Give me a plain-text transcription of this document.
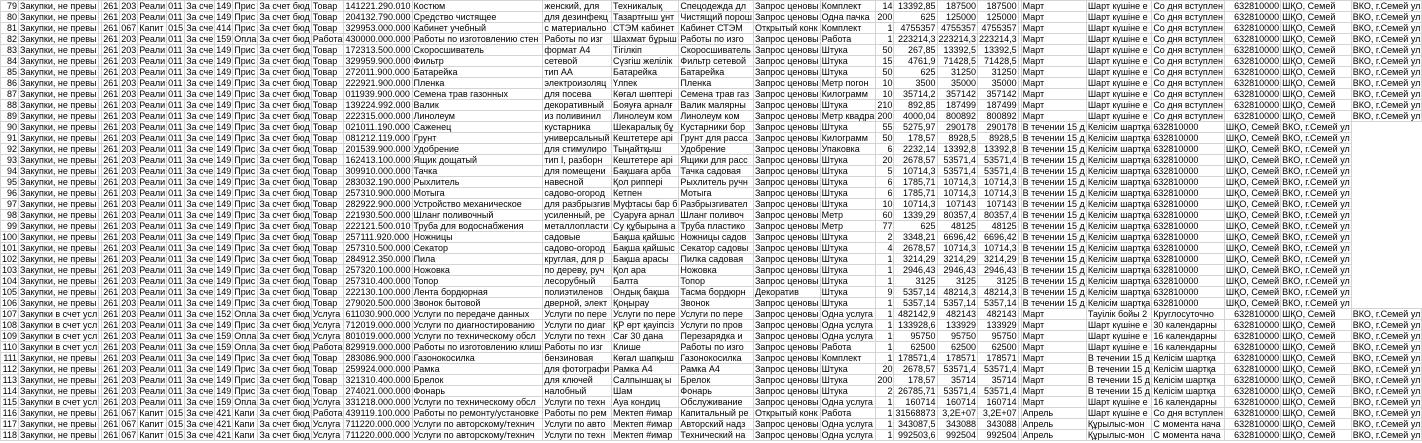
79	Закупки, не превы		261	203	Реали	011	За сче	149	Прис	За счет бюд	Товар	141221.290.010	Костюм	женский, для	Техникалық	Спецодежда дл	Запрос ценовы	Комплект	14	13392,85	187500	187500		Март	Шарт күшіне е	Со дня вступлен	632810000	ШҚО, Семей	ВКО, г.Семей ул
80	Закупки, не превы		261	203	Реали	011	За сче	149	Прис	За счет бюд	Товар	204132.790.000	Средство чистящее	для дезинфекц	Тазартғыш ұнт	Чистящий порош	Запрос ценовы	Одна пачка	200	625	125000	125000		Март	Шарт күшіне е	Со дня вступлен	632810000	ШҚО, Семей	ВКО, г.Семей ул
81	Закупки, не превы		261	067	Капит	015	За сче	414	Прис	За счет бюд	Товар	329953.000.000	Кабинет учебный	с материально	СТЭМ кабинет	Кабинет СТЭМ	Открытый конк	Комплект	1	4755357	4755357	4755357		Март	Шарт күшіне е	Со дня вступлен	632810000	ШҚО, Семей	ВКО, г.Семей ул
82	Закупки, не превы		261	203	Реали	011	За сче	159	Опла	За счет бюд	Работа	430000.000.000	Работы по изготовлению стен	Работы по изг	Шахмат бұрыш	Работы по изго	Запрос ценовы	Работа	1	223214,3	223214,3	223214,3		Март	Шарт күшіне е	Со дня вступлен	632810000	ШҚО, Семей	ВКО, г.Семей ул
83	Закупки, не превы		261	203	Реали	011	За сче	149	Прис	За счет бюд	Товар	172313.500.000	Скоросшиватель	формат А4	Тігілкіп	Скоросшиватель	Запрос ценовы	Штука	50	267,85	13392,5	13392,5		Март	Шарт күшіне е	Со дня вступлен	632810000	ШҚО, Семей	ВКО, г.Семей ул
84	Закупки, не превы		261	203	Реали	011	За сче	149	Прис	За счет бюд	Товар	329959.900.000	Фильтр	сетевой	Сүзгіш желілік	Фильтр сетевой	Запрос ценовы	Штука	15	4761,9	71428,5	71428,5		Март	Шарт күшіне е	Со дня вступлен	632810000	ШҚО, Семей	ВКО, г.Семей ул
85	Закупки, не превы		261	203	Реали	011	За сче	149	Прис	За счет бюд	Товар	272011.900.000	Батарейка	тип АА	Батарейка	Батарейка	Запрос ценовы	Штука	50	625	31250	31250		Март	Шарт күшіне е	Со дня вступлен	632810000	ШҚО, Семей	ВКО, г.Семей ул
86	Закупки, не превы		261	203	Реали	011	За сче	149	Прис	За счет бюд	Товар	222921.900.000	Пленка	электроизоляц	Үлпек	Пленка	Запрос ценовы	Метр погон	10	3500	35000	35000		Март	Шарт күшіне е	Со дня вступлен	632810000	ШҚО, Семей	ВКО, г.Семей ул
87	Закупки, не превы		261	203	Реали	011	За сче	149	Прис	За счет бюд	Товар	011939.900.000	Семена трав газонных	для посева	Көгал шөптері	Семена трав газ	Запрос ценовы	Килограмм	10	35714,2	357142	357142		Март	Шарт күшіне е	Со дня вступлен	632810000	ШҚО, Семей	ВКО, г.Семей ул
88	Закупки, не превы		261	203	Реали	011	За сче	149	Прис	За счет бюд	Товар	139224.992.000	Валик	декоративный	Бояуға арналғ	Валик малярны	Запрос ценовы	Штука	210	892,85	187499	187499		Март	Шарт күшіне е	Со дня вступлен	632810000	ШҚО, Семей	ВКО, г.Семей ул
89	Закупки, не превы		261	203	Реали	011	За сче	149	Прис	За счет бюд	Товар	222315.000.000	Линолеум	из поливинил	Линолеум ком	Линолеум ком	Запрос ценовы	Метр квадра	200	4000,04	800892	800892		Март	Шарт күшіне е	Со дня вступлен	632810000	ШҚО, Семей	ВКО, г.Семей ул
90	Закупки, не превы		261	203	Реали	011	За сче	149	Прис	За счет бюд	Товар	021011.190.000	Саженец	кустарника	Шекаралық бұ	Кустарники бор	Запрос ценовы	Штука	55	5275,97	290178	290178		В течении 15 д	Келісім шартқа	632810000	ШҚО, Семей	ВКО, г.Семей ул	
91	Закупки, не превы		261	203	Реали	011	За сче	149	Прис	За счет бюд	Товар	081212.119.000	Грунт	универсальный	Кештетере арі	Грунт для расса	Запрос ценовы	Килограмм	50	178,57	8928,5	8928,5		В течении 15 д	Келісім шартқа	632810000	ШҚО, Семей	ВКО, г.Семей ул	
92	Закупки, не превы		261	203	Реали	011	За сче	149	Прис	За счет бюд	Товар	201539.900.000	Удобрение	для стимулиро	Тыңайтқыш	Удобрение	Запрос ценовы	Упаковка	6	2232,14	13392,8	13392,8		В течении 15 д	Келісім шартқа	632810000	ШҚО, Семей	ВКО, г.Семей ул	
93	Закупки, не превы		261	203	Реали	011	За сче	149	Прис	За счет бюд	Товар	162413.100.000	Ящик дощатый	тип I, разборн	Кештетере арі	Ящики для расс	Запрос ценовы	Штука	20	2678,57	53571,4	53571,4		В течении 15 д	Келісім шартқа	632810000	ШҚО, Семей	ВКО, г.Семей ул	
94	Закупки, не превы		261	203	Реали	011	За сче	149	Прис	За счет бюд	Товар	309910.000.000	Тачка	для помещени	Бақшаға арба	Тачка садовая	Запрос ценовы	Штука	5	10714,3	53571,4	53571,4		В течении 15 д	Келісім шартқа	632810000	ШҚО, Семей	ВКО, г.Семей ул	
95	Закупки, не превы		261	203	Реали	011	За сче	149	Прис	За счет бюд	Товар	283032.190.000	Рыхлитель	навесной	Қол риппері	Рыхлитель ручн	Запрос ценовы	Штука	6	1785,71	10714,3	10714,3		В течении 15 д	Келісім шартқа	632810000	ШҚО, Семей	ВКО, г.Семей ул	
96	Закупки, не превы		261	203	Реали	011	За сче	149	Прис	За счет бюд	Товар	257310.900.000	Мотыга	садово-огород	Кетпен	Мотыга	Запрос ценовы	Штука	6	1785,71	10714,3	10714,3		В течении 15 д	Келісім шартқа	632810000	ШҚО, Семей	ВКО, г.Семей ул	
97	Закупки, не превы		261	203	Реали	011	За сче	149	Прис	За счет бюд	Товар	282922.900.000	Устройство механическое	для разбрызгив	Муфтасы бар б	Разбрызгивател	Запрос ценовы	Штука	10	10714,3	107143	107143		В течении 15 д	Келісім шартқа	632810000	ШҚО, Семей	ВКО, г.Семей ул	
98	Закупки, не превы		261	203	Реали	011	За сче	149	Прис	За счет бюд	Товар	221930.500.000	Шланг поливочный	усиленный, ре	Суаруға арнал	Шланг поливоч	Запрос ценовы	Метр	60	1339,29	80357,4	80357,4		В течении 15 д	Келісім шартқа	632810000	ШҚО, Семей	ВКО, г.Семей ул	
99	Закупки, не превы		261	203	Реали	011	За сче	149	Прис	За счет бюд	Товар	222121.500.010	Труба для водоснабжения	металлопласти	Су құбырына а	Труба пластико	Запрос ценовы	Метр	77	625	48125	48125		В течении 15 д	Келісім шартқа	632810000	ШҚО, Семей	ВКО, г.Семей ул	
100	Закупки, не превы		261	203	Реали	011	За сче	149	Прис	За счет бюд	Товар	257111.920.000	Ножницы	садовые	Бақша қайшыс	Ножницы садов	Запрос ценовы	Штука	2	3348,21	6696,42	6696,42		В течении 15 д	Келісім шартқа	632810000	ШҚО, Семей	ВКО, г.Семей ул	
101	Закупки, не превы		261	203	Реали	011	За сче	149	Прис	За счет бюд	Товар	257310.500.000	Секатор	садово-огород	Бақша қайшыс	Секатор садовы	Запрос ценовы	Штука	4	2678,57	10714,3	10714,3		В течении 15 д	Келісім шартқа	632810000	ШҚО, Семей	ВКО, г.Семей ул	
102	Закупки, не превы		261	203	Реали	011	За сче	149	Прис	За счет бюд	Товар	284912.350.000	Пила	круглая, для р	Бақша арасы	Пилка садовая	Запрос ценовы	Штука	1	3214,29	3214,29	3214,29		В течении 15 д	Келісім шартқа	632810000	ШҚО, Семей	ВКО, г.Семей ул	
103	Закупки, не превы		261	203	Реали	011	За сче	149	Прис	За счет бюд	Товар	257320.100.000	Ножовка	по дереву, руч	Қол ара	Ножовка	Запрос ценовы	Штука	1	2946,43	2946,43	2946,43		В течении 15 д	Келісім шартқа	632810000	ШҚО, Семей	ВКО, г.Семей ул	
104	Закупки, не превы		261	203	Реали	011	За сче	149	Прис	За счет бюд	Товар	257310.400.000	Топор	лесорубный	Балта	Топор	Запрос ценовы	Штука	1	3125	3125	3125		В течении 15 д	Келісім шартқа	632810000	ШҚО, Семей	ВКО, г.Семей ул	
105	Закупки, не превы		261	203	Реали	011	За сче	149	Прис	За счет бюд	Товар	222130.100.000	Лента бордюрная	полиэтиленов	Ондық бақша	Тасма бордюрн	Декоратив	Штука	9	5357,14	48214,3	48214,3		В течении 15 д	Келісім шартқа	632810000	ШҚО, Семей	ВКО, г.Семей ул	
106	Закупки, не превы		261	203	Реали	011	За сче	149	Прис	За счет бюд	Товар	279020.500.000	Звонок бытовой	дверной, элект	Қоңырау	Звонок	Запрос ценовы	Штука	1	5357,14	5357,14	5357,14		В течении 15 д	Келісім шартқа	632810000	ШҚО, Семей	ВКО, г.Семей ул	
107	Закупки в счет усл		261	203	Реали	011	За сче	152	Опла	За счет бюд	Услуга	611030.900.000	Услуги по передаче данных	Услуги по пере	Услуги по пере	Услуги по пере	Запрос ценовы	Одна услуга	1	482142,9	482143	482143		Март	Тауілік бойы 2	Круглосуточно	632810000	ШҚО, Семей	ВКО, г.Семей ул
108	Закупки в счет усл		261	203	Реали	011	За сче	149	Прис	За счет бюд	Услуга	712019.000.000	Услуги по диагностированию	Услуги по диаг	ҚР өрт қауіпсіз	Услуги по пров	Запрос ценовы	Одна услуга	1	133928,6	133929	133929		Март	Шарт күшіне е	30 календарны	632810000	ШҚО, Семей	ВКО, г.Семей ул
109	Закупки в счет усл		261	203	Реали	011	За сче	159	Опла	За счет бюд	Услуга	801019.000.000	Услуги по техническому обсл	Услуги по техн	Сағ 30 дана	Перезарядка и	Запрос ценовы	Одна услуга	1	95750	95750	95750		Март	Шарт күшіне е	16 календарны	632810000	ШҚО, Семей	ВКО, г.Семей ул
110	Закупки в счет усл		261	203	Реали	011	За сче	159	Опла	За счет бюд	Работа	829919.000.000	Работы по изготовлению клиш	Работы по изг	Клише	Работы по изго	Запрос ценовы	Работа	1	62500	62500	62500		Март	Шарт күшіне е	16 календарны	632810000	ШҚО, Семей	ВКО, г.Семей ул
111	Закупки, не превы		261	203	Реали	011	За сче	149	Прис	За счет бюд	Товар	283086.900.000	Газонокосилка	бензиновая	Көгал шапқыш	Газонокосилка	Запрос ценовы	Комплект	1	178571,4	178571	178571		Март	В течении 15 д	Келісім шартқа	632810000	ШҚО, Семей	ВКО, г.Семей ул
112	Закупки, не превы		261	203	Реали	011	За сче	149	Прис	За счет бюд	Товар	259924.000.000	Рамка	для фотографи	Рамка А4	Рамка А4	Запрос ценовы	Штука	20	2678,57	53571,4	53571,4		Март	В течении 15 д	Келісім шартқа	632810000	ШҚО, Семей	ВКО, г.Семей ул
113	Закупки, не превы		261	203	Реали	011	За сче	149	Прис	За счет бюд	Товар	321310.400.000	Брелок	для ключей	Салпыншақ ы	Брелок	Запрос ценовы	Штука	200	178,57	35714	35714		Март	В течении 15 д	Келісім шартқа	632810000	ШҚО, Семей	ВКО, г.Семей ул
114	Закупки, не превы		261	203	Реали	011	За сче	149	Прис	За счет бюд	Товар	274021.000.000	Фонарь	налобный	Шам	Фонарь	Запрос ценовы	Штука	2	26785,71	53571,4	53571,4		Март	В течении 15 д	Келісім шартқа	632810000	ШҚО, Семей	ВКО, г.Семей ул
115	Закупки в счет усл		261	203	Реали	011	За сче	159	Опла	За счет бюд	Услуга	331218.000.000	Услуги по техническому обсл	Услуги по техн	Ауа кондиц	Обслуживание	Запрос ценовы	Одна услуга	1	160714	160714	160714		Март	Шарт күшіне е	16 календарны	632810000	ШҚО, Семей	ВКО, г.Семей ул
116	Закупки, не превы		261	067	Капит	015	За сче	421	Капи	За счет бюд	Работа	439119.100.000	Работы по ремонту/установке	Работы по рем	Мектеп #имар	Капитальный ре	Открытый конк	Работа	1	31568873	3,2E+07	3,2E+07		Апрель	Шарт күшіне е	Со дня вступлен	632810000	ШҚО, Семей	ВКО, г.Семей ул
117	Закупки, не превы		261	067	Капит	015	За сче	421	Капи	За счет бюд	Услуга	711220.000.000	Услуги по авторскому/технич	Услуги по авто	Мектеп #имар	Авторский надз	Запрос ценовы	Одна услуга	1	343087,5	343088	343088		Апрель	Құрылыс-мон	С момента нача	632810000	ШҚО, Семей	ВКО, г.Семей ул
118	Закупки, не превы		261	067	Капит	015	За сче	421	Капи	За счет бюд	Услуга	711220.000.000	Услуги по авторскому/технич	Услуги по техн	Мектеп #имар	Технический на	Запрос ценовы	Одна услуга	1	992503,6	992504	992504		Апрель	Құрылыс-мон	С момента нача	632810000	ШҚО, Семей	ВКО, г.Семей ул
